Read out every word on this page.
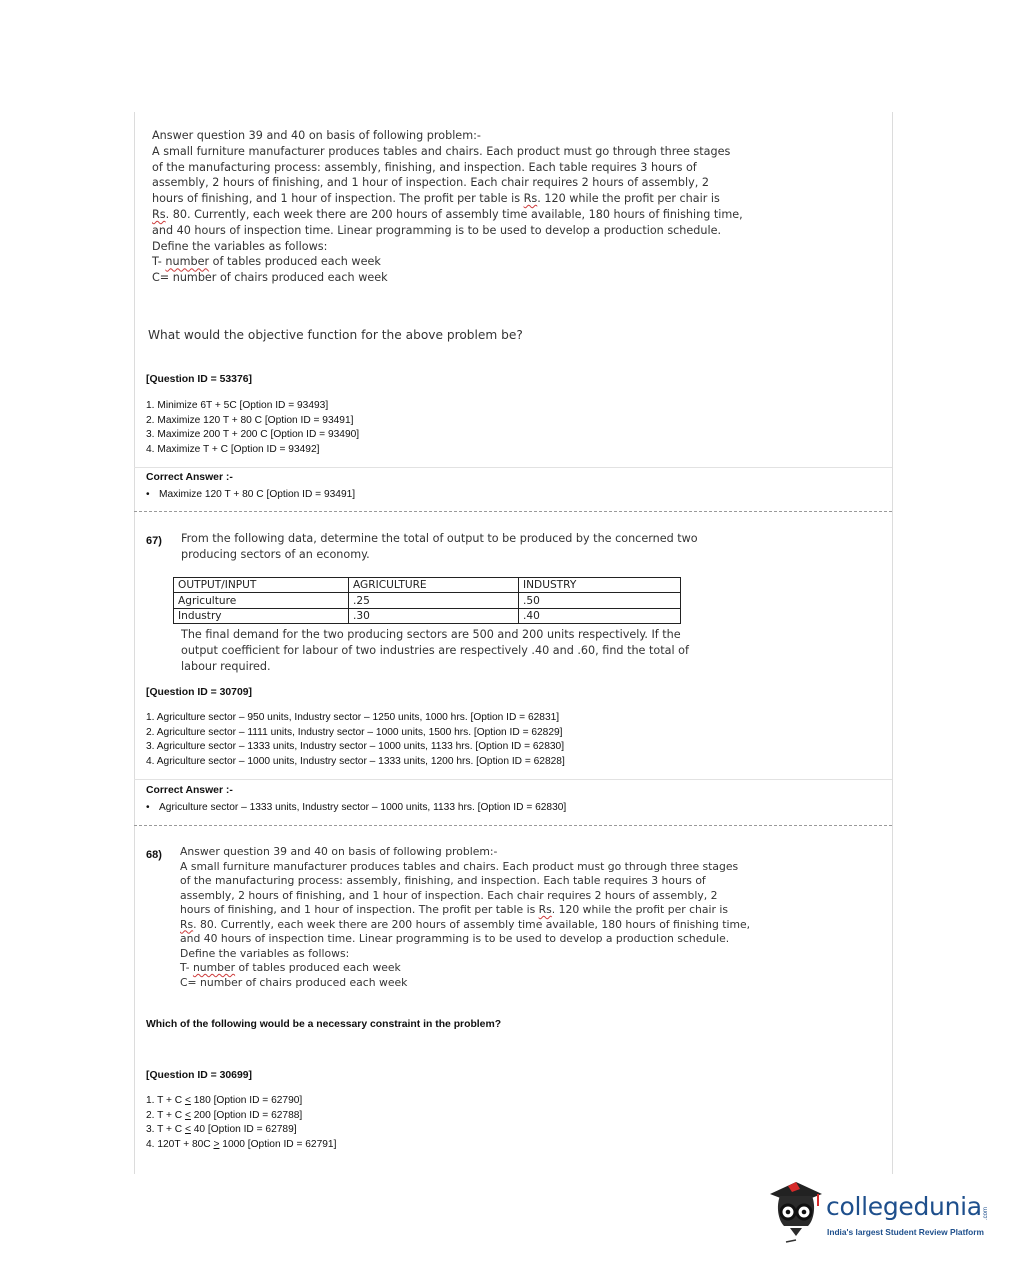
Answer question 39 and 40 on basis of following problem:-

A small furniture manufacturer produces tables and chairs. Each product must go through three stages

of the manufacturing process: assembly, finishing, and inspection. Each table requires 3 hours of

assembly, 2 hours of finishing, and 1 hour of inspection. Each chair requires 2 hours of assembly, 2

hours of finishing, and 1 hour of inspection. The profit per table is Rs. 120 while the profit per chair is

Rs. 80. Currently, each week there are 200 hours of assembly time available, 180 hours of finishing time,

and 40 hours of inspection time. Linear programming is to be used to develop a production schedule.

Define the variables as follows:

T- number of tables produced each week

C= number of chairs produced each week

What would the objective function for the above problem be?
[Question ID = 53376]
1. Minimize 6T + 5C [Option ID = 93493]
2. Maximize 120 T + 80 C [Option ID = 93491]
3. Maximize 200 T + 200 C [Option ID = 93490]
4. Maximize T + C [Option ID = 93492]
Correct Answer :-
• Maximize 120 T + 80 C [Option ID = 93491]
67) From the following data, determine the total of output to be produced by the concerned two

producing sectors of an economy.

OUTPUT/INPUT	AGRICULTURE	INDUSTRY
Agriculture	.25	.50
Industry	.30	.40

The final demand for the two producing sectors are 500 and 200 units respectively. If the

output coefficient for labour of two industries are respectively .40 and .60, find the total of

labour required.

[Question ID = 30709]
1. Agriculture sector – 950 units, Industry sector – 1250 units, 1000 hrs. [Option ID = 62831]
2. Agriculture sector – 1111 units, Industry sector – 1000 units, 1500 hrs. [Option ID = 62829]
3. Agriculture sector – 1333 units, Industry sector – 1000 units, 1133 hrs. [Option ID = 62830]
4. Agriculture sector – 1000 units, Industry sector – 1333 units, 1200 hrs. [Option ID = 62828]
Correct Answer :-
• Agriculture sector – 1333 units, Industry sector – 1000 units, 1133 hrs. [Option ID = 62830]
68) Answer question 39 and 40 on basis of following problem:-

A small furniture manufacturer produces tables and chairs. Each product must go through three stages

of the manufacturing process: assembly, finishing, and inspection. Each table requires 3 hours of

assembly, 2 hours of finishing, and 1 hour of inspection. Each chair requires 2 hours of assembly, 2

hours of finishing, and 1 hour of inspection. The profit per table is Rs. 120 while the profit per chair is

Rs. 80. Currently, each week there are 200 hours of assembly time available, 180 hours of finishing time,

and 40 hours of inspection time. Linear programming is to be used to develop a production schedule.

Define the variables as follows:

T- number of tables produced each week

C= number of chairs produced each week

Which of the following would be a necessary constraint in the problem?
[Question ID = 30699]
1. T + C < 180 [Option ID = 62790]
2. T + C < 200 [Option ID = 62788]
3. T + C < 40 [Option ID = 62789]
4. 120T + 80C > 1000 [Option ID = 62791]
collegedunia .com
India's largest Student Review Platform
